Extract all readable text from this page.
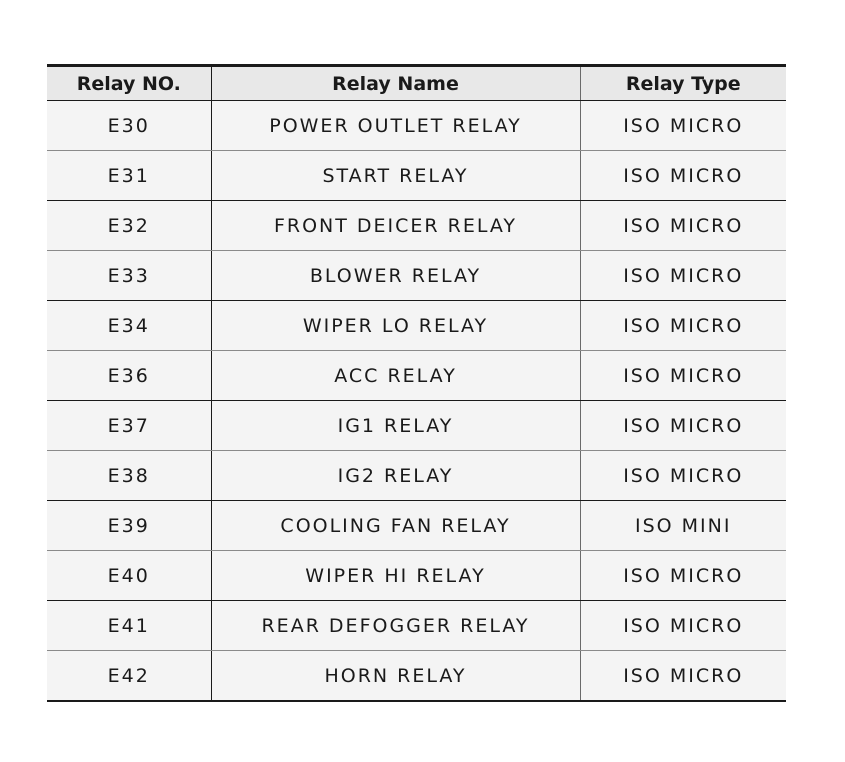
Relay NO.	Relay Name	Relay Type
E30	POWER OUTLET RELAY	ISO MICRO
E31	START RELAY	ISO MICRO
E32	FRONT DEICER RELAY	ISO MICRO
E33	BLOWER RELAY	ISO MICRO
E34	WIPER LO RELAY	ISO MICRO
E36	ACC RELAY	ISO MICRO
E37	IG1 RELAY	ISO MICRO
E38	IG2 RELAY	ISO MICRO
E39	COOLING FAN RELAY	ISO MINI
E40	WIPER HI RELAY	ISO MICRO
E41	REAR DEFOGGER RELAY	ISO MICRO
E42	HORN RELAY	ISO MICRO
